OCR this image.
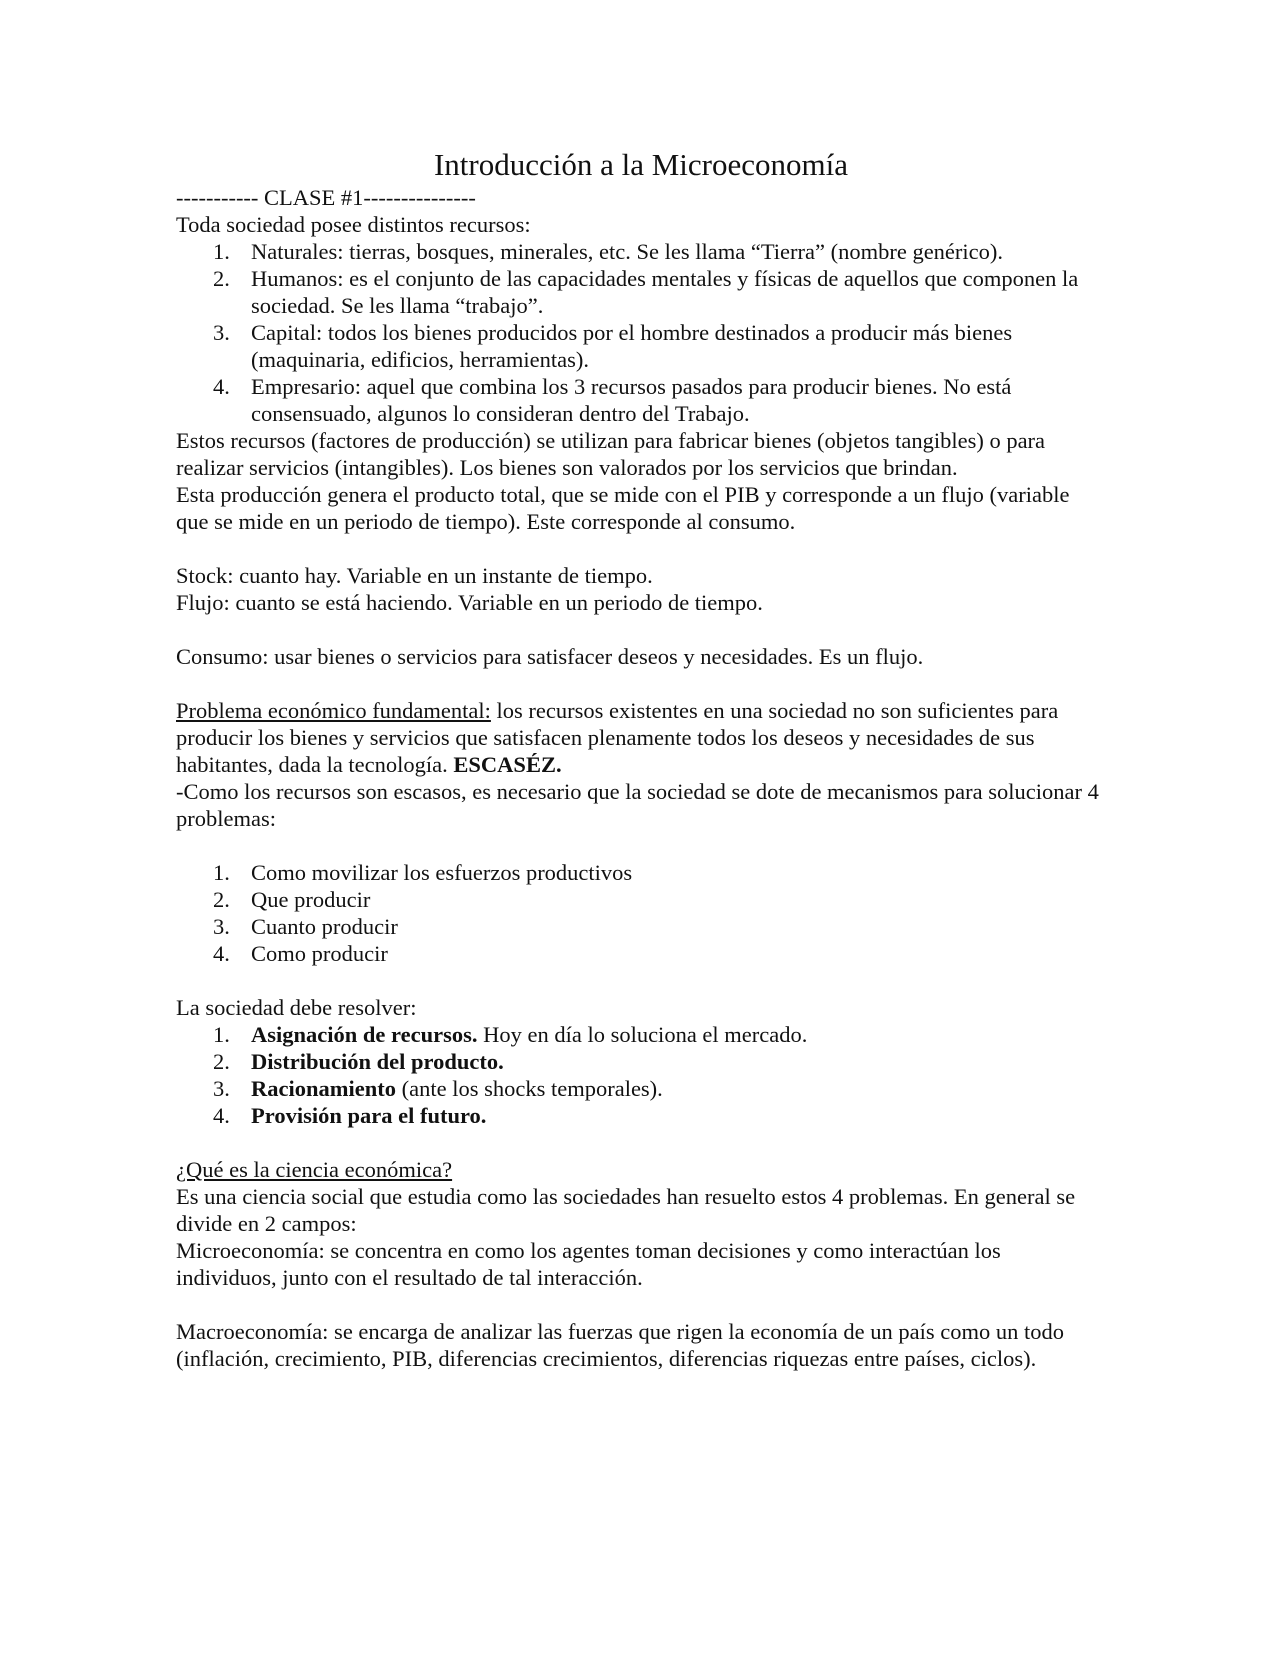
Introducción a la Microeconomía

----------- CLASE #1---------------

Toda sociedad posee distintos recursos:

1. Naturales: tierras, bosques, minerales, etc. Se les llama “Tierra” (nombre genérico).
2. Humanos: es el conjunto de las capacidades mentales y físicas de aquellos que componen la sociedad. Se les llama “trabajo”.
3. Capital: todos los bienes producidos por el hombre destinados a producir más bienes (maquinaria, edificios, herramientas).
4. Empresario: aquel que combina los 3 recursos pasados para producir bienes. No está consensuado, algunos lo consideran dentro del Trabajo.

Estos recursos (factores de producción) se utilizan para fabricar bienes (objetos tangibles) o para realizar servicios (intangibles). Los bienes son valorados por los servicios que brindan.

Esta producción genera el producto total, que se mide con el PIB y corresponde a un flujo (variable que se mide en un periodo de tiempo). Este corresponde al consumo.

Stock: cuanto hay. Variable en un instante de tiempo.

Flujo: cuanto se está haciendo. Variable en un periodo de tiempo.

Consumo: usar bienes o servicios para satisfacer deseos y necesidades. Es un flujo.

Problema económico fundamental: los recursos existentes en una sociedad no son suficientes para producir los bienes y servicios que satisfacen plenamente todos los deseos y necesidades de sus habitantes, dada la tecnología. ESCASÉZ.

-Como los recursos son escasos, es necesario que la sociedad se dote de mecanismos para solucionar 4 problemas:

1. Como movilizar los esfuerzos productivos
2. Que producir
3. Cuanto producir
4. Como producir

La sociedad debe resolver:

1. Asignación de recursos. Hoy en día lo soluciona el mercado.
2. Distribución del producto.
3. Racionamiento (ante los shocks temporales).
4. Provisión para el futuro.

¿Qué es la ciencia económica?

Es una ciencia social que estudia como las sociedades han resuelto estos 4 problemas. En general se divide en 2 campos:

Microeconomía: se concentra en como los agentes toman decisiones y como interactúan los individuos, junto con el resultado de tal interacción.

Macroeconomía: se encarga de analizar las fuerzas que rigen la economía de un país como un todo (inflación, crecimiento, PIB, diferencias crecimientos, diferencias riquezas entre países, ciclos).
